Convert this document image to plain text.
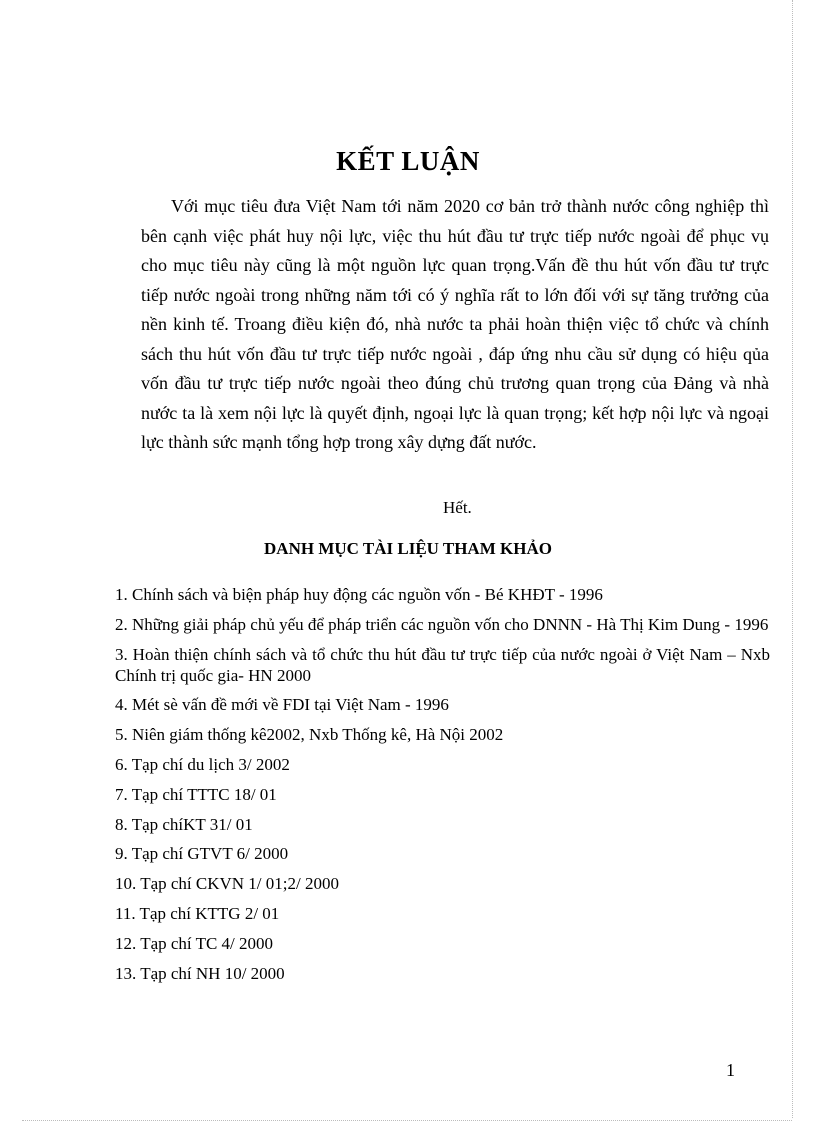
KẾT LUẬN

Với mục tiêu đưa Việt Nam tới năm 2020 cơ bản trở thành nước công nghiệp thì bên cạnh việc phát huy nội lực, việc thu hút đầu tư trực tiếp nước ngoài để phục vụ cho mục tiêu này cũng là một nguồn lực quan trọng.Vấn đề thu hút vốn đầu tư trực tiếp nước ngoài trong những năm tới có ý nghĩa rất to lớn đối với sự tăng trưởng của nền kinh tế. Troang điều kiện đó, nhà nước ta phải hoàn thiện việc tổ chức và chính sách thu hút vốn đầu tư trực tiếp nước ngoài , đáp ứng nhu cầu sử dụng có hiệu qủa vốn đầu tư trực tiếp nước ngoài theo đúng chủ trương quan trọng của Đảng và nhà nước ta là xem nội lực là quyết định, ngoại lực là quan trọng; kết hợp nội lực và ngoại lực thành sức mạnh tổng hợp trong xây dựng đất nước.

Hết.
DANH MỤC TÀI LIỆU THAM KHẢO
1. Chính sách và biện pháp huy động các nguồn vốn - Bé KHĐT - 1996
2. Những giải pháp chủ yếu để pháp triển các nguồn vốn cho DNNN - Hà Thị Kim Dung - 1996
3. Hoàn thiện chính sách và tổ chức thu hút đầu tư trực tiếp của nước ngoài ở Việt Nam – Nxb Chính trị quốc gia- HN 2000
4. Mét sè vấn đề mới về FDI tại Việt Nam - 1996
5. Niên giám thống kê2002, Nxb Thống kê, Hà Nội 2002
6. Tạp chí du lịch 3/ 2002
7. Tạp chí TTTC 18/ 01
8. Tạp chíKT 31/ 01
9. Tạp chí GTVT 6/ 2000
10. Tạp chí CKVN 1/ 01;2/ 2000
11. Tạp chí KTTG 2/ 01
12. Tạp chí TC 4/ 2000
13. Tạp chí NH 10/ 2000
1
